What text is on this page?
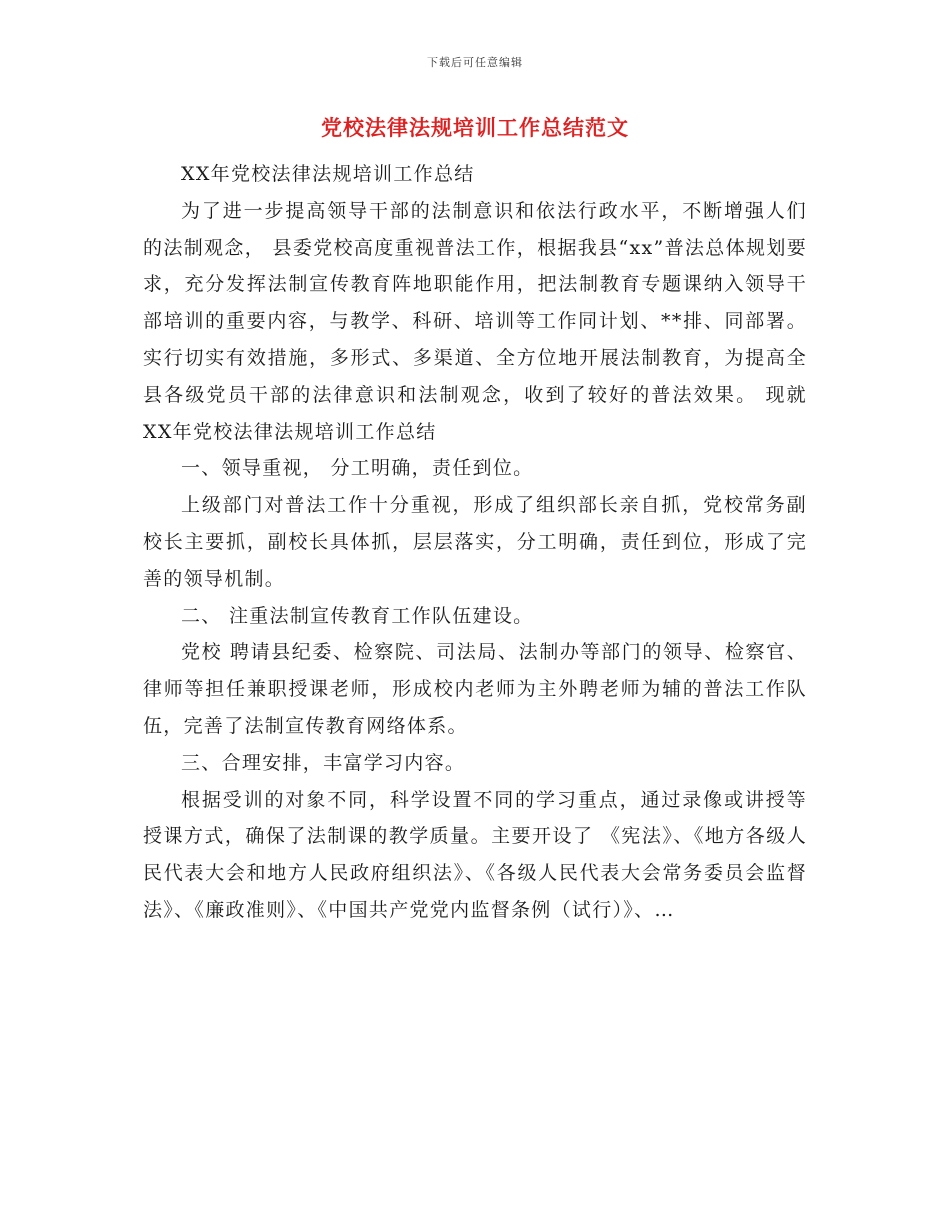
下载后可任意编辑
党校法律法规培训工作总结范文

XX年党校法律法规培训工作总结

为了进一步提高领导干部的法制意识和依法行政水平，不断增强人们的法制观念， 县委党校高度重视普法工作，根据我县“xx”普法总体规划要求，充分发挥法制宣传教育阵地职能作用，把法制教育专题课纳入领导干部培训的重要内容，与教学、科研、培训等工作同计划、**排、同部署。实行切实有效措施，多形式、多渠道、全方位地开展法制教育，为提高全县各级党员干部的法律意识和法制观念，收到了较好的普法效果。 现就 XX年党校法律法规培训工作总结

一、领导重视， 分工明确，责任到位。

上级部门对普法工作十分重视，形成了组织部长亲自抓，党校常务副校长主要抓，副校长具体抓，层层落实，分工明确，责任到位，形成了完善的领导机制。

二、 注重法制宣传教育工作队伍建设。

党校 聘请县纪委、检察院、司法局、法制办等部门的领导、检察官、律师等担任兼职授课老师，形成校内老师为主外聘老师为辅的普法工作队伍，完善了法制宣传教育网络体系。

三、合理安排，丰富学习内容。

根据受训的对象不同，科学设置不同的学习重点，通过录像或讲授等授课方式，确保了法制课的教学质量。主要开设了 《宪法》、《地方各级人民代表大会和地方人民政府组织法》、《各级人民代表大会常务委员会监督法》、《廉政准则》、《中国共产党党内监督条例（试行）》、…
